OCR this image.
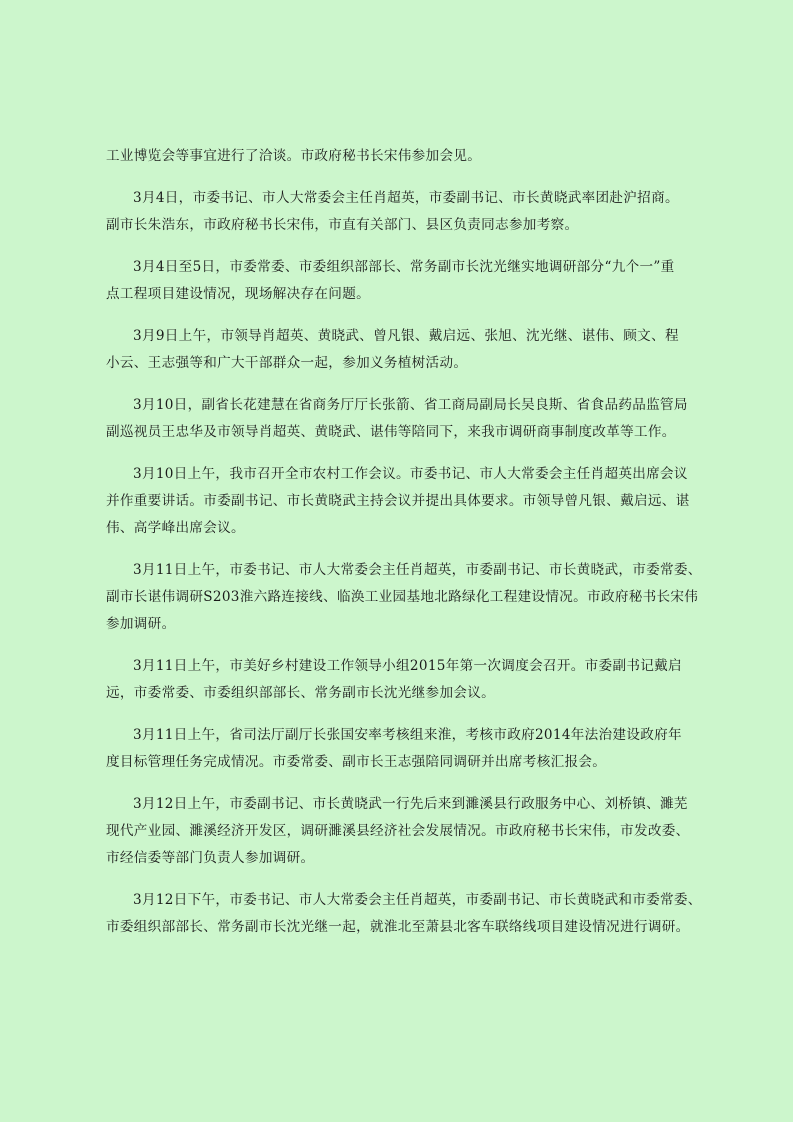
工业博览会等事宜进行了洽谈。市政府秘书长宋伟参加会见。

3月4日，市委书记、市人大常委会主任肖超英，市委副书记、市长黄晓武率团赴沪招商。
副市长朱浩东，市政府秘书长宋伟，市直有关部门、县区负责同志参加考察。

3月4日至5日，市委常委、市委组织部部长、常务副市长沈光继实地调研部分“九个一”重
点工程项目建设情况，现场解决存在问题。

3月9日上午，市领导肖超英、黄晓武、曾凡银、戴启远、张旭、沈光继、谌伟、顾文、程
小云、王志强等和广大干部群众一起，参加义务植树活动。

3月10日，副省长花建慧在省商务厅厅长张箭、省工商局副局长吴良斯、省食品药品监管局
副巡视员王忠华及市领导肖超英、黄晓武、谌伟等陪同下，来我市调研商事制度改革等工作。

3月10日上午，我市召开全市农村工作会议。市委书记、市人大常委会主任肖超英出席会议
并作重要讲话。市委副书记、市长黄晓武主持会议并提出具体要求。市领导曾凡银、戴启远、谌
伟、高学峰出席会议。

3月11日上午，市委书记、市人大常委会主任肖超英，市委副书记、市长黄晓武，市委常委、
副市长谌伟调研S203淮六路连接线、临涣工业园基地北路绿化工程建设情况。市政府秘书长宋伟
参加调研。

3月11日上午，市美好乡村建设工作领导小组2015年第一次调度会召开。市委副书记戴启
远，市委常委、市委组织部部长、常务副市长沈光继参加会议。

3月11日上午，省司法厅副厅长张国安率考核组来淮，考核市政府2014年法治建设政府年
度目标管理任务完成情况。市委常委、副市长王志强陪同调研并出席考核汇报会。

3月12日上午，市委副书记、市长黄晓武一行先后来到濉溪县行政服务中心、刘桥镇、濉芜
现代产业园、濉溪经济开发区，调研濉溪县经济社会发展情况。市政府秘书长宋伟，市发改委、
市经信委等部门负责人参加调研。

3月12日下午，市委书记、市人大常委会主任肖超英，市委副书记、市长黄晓武和市委常委、
市委组织部部长、常务副市长沈光继一起，就淮北至萧县北客车联络线项目建设情况进行调研。
